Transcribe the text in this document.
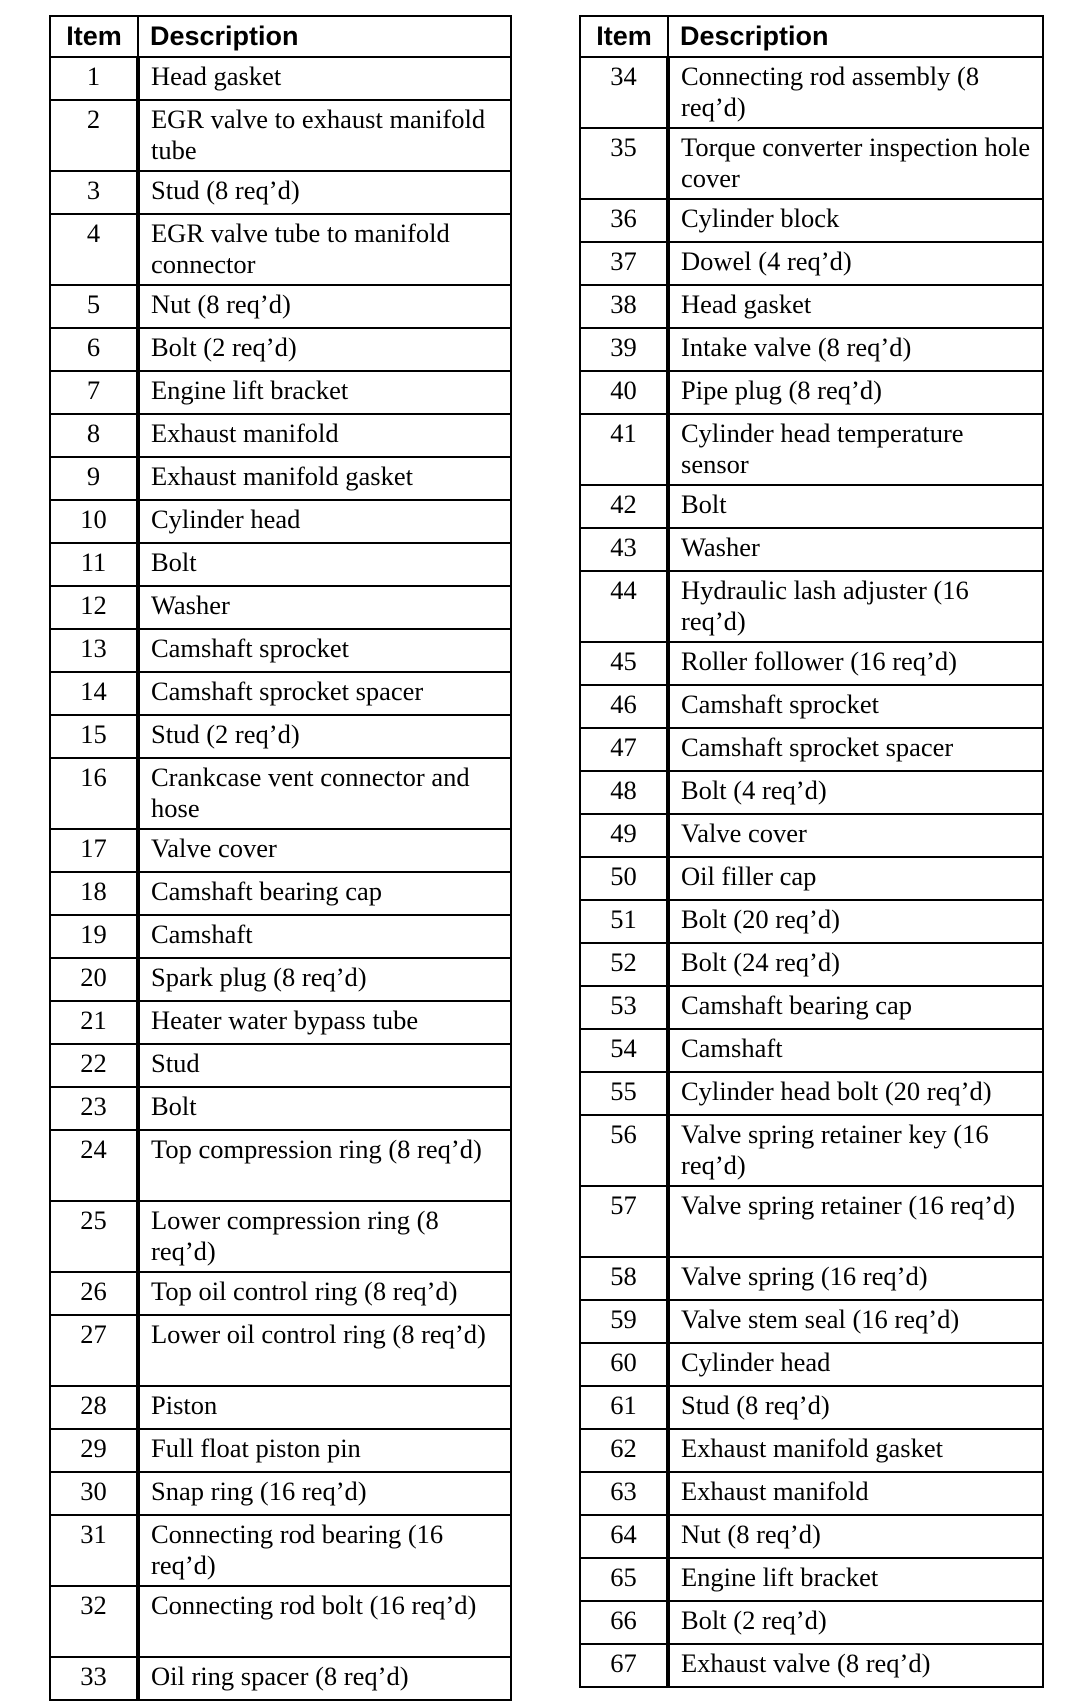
Item	Description
1	Head gasket
2	EGR valve to exhaust manifold tube
3	Stud (8 req’d)
4	EGR valve tube to manifold connector
5	Nut (8 req’d)
6	Bolt (2 req’d)
7	Engine lift bracket
8	Exhaust manifold
9	Exhaust manifold gasket
10	Cylinder head
11	Bolt
12	Washer
13	Camshaft sprocket
14	Camshaft sprocket spacer
15	Stud (2 req’d)
16	Crankcase vent connector and hose
17	Valve cover
18	Camshaft bearing cap
19	Camshaft
20	Spark plug (8 req’d)
21	Heater water bypass tube
22	Stud
23	Bolt
24	Top compression ring (8 req’d)
25	Lower compression ring (8 req’d)
26	Top oil control ring (8 req’d)
27	Lower oil control ring (8 req’d)
28	Piston
29	Full float piston pin
30	Snap ring (16 req’d)
31	Connecting rod bearing (16 req’d)
32	Connecting rod bolt (16 req’d)
33	Oil ring spacer (8 req’d)
Item	Description
34	Connecting rod assembly (8 req’d)
35	Torque converter inspection hole cover
36	Cylinder block
37	Dowel (4 req’d)
38	Head gasket
39	Intake valve (8 req’d)
40	Pipe plug (8 req’d)
41	Cylinder head temperature sensor
42	Bolt
43	Washer
44	Hydraulic lash adjuster (16 req’d)
45	Roller follower (16 req’d)
46	Camshaft sprocket
47	Camshaft sprocket spacer
48	Bolt (4 req’d)
49	Valve cover
50	Oil filler cap
51	Bolt (20 req’d)
52	Bolt (24 req’d)
53	Camshaft bearing cap
54	Camshaft
55	Cylinder head bolt (20 req’d)
56	Valve spring retainer key (16 req’d)
57	Valve spring retainer (16 req’d)
58	Valve spring (16 req’d)
59	Valve stem seal (16 req’d)
60	Cylinder head
61	Stud (8 req’d)
62	Exhaust manifold gasket
63	Exhaust manifold
64	Nut (8 req’d)
65	Engine lift bracket
66	Bolt (2 req’d)
67	Exhaust valve (8 req’d)
